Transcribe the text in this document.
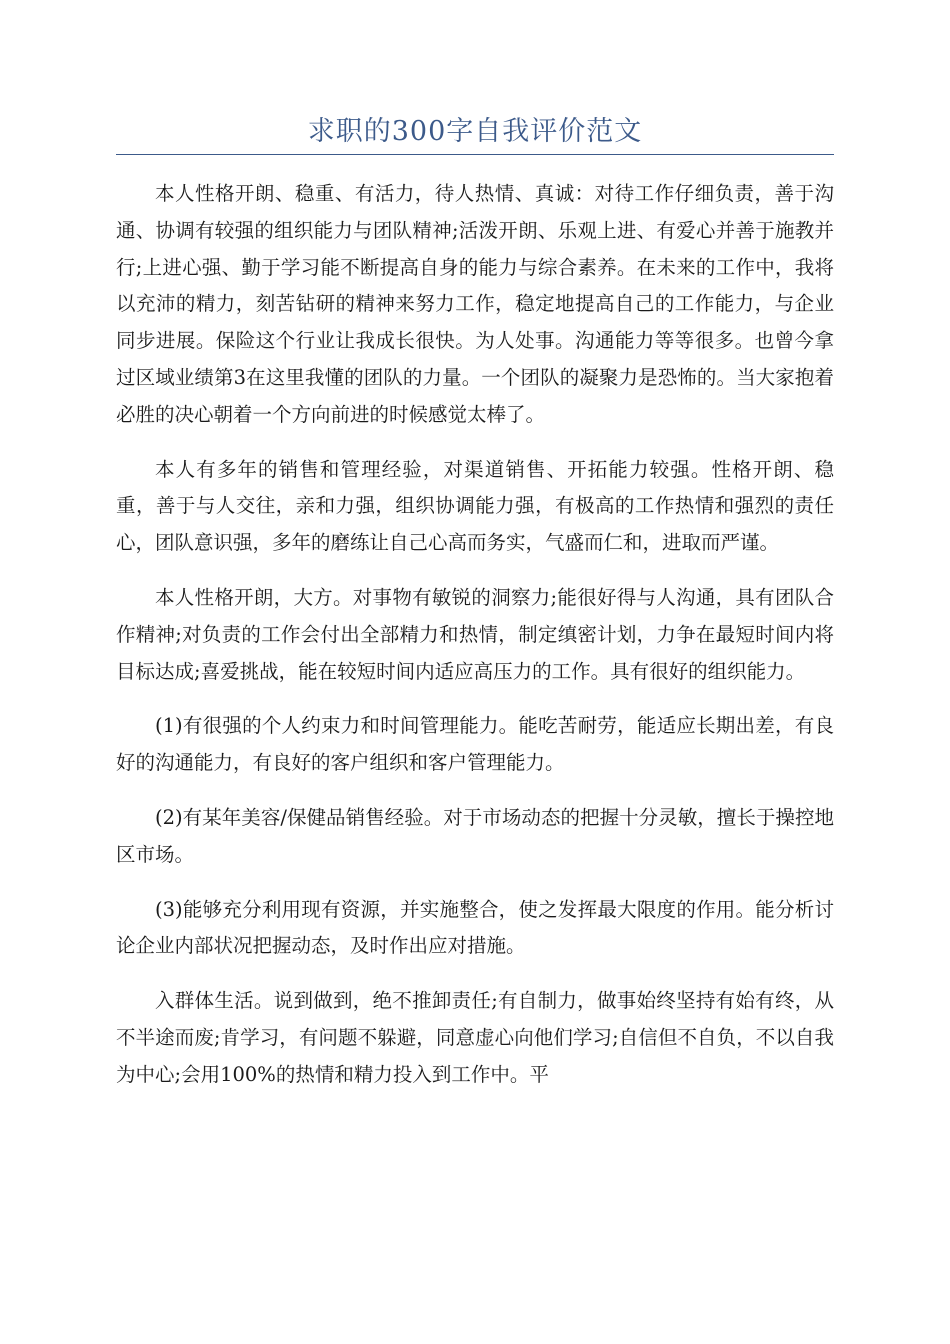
求职的300字自我评价范文

本人性格开朗、稳重、有活力，待人热情、真诚：对待工作仔细负责，善于沟通、协调有较强的组织能力与团队精神;活泼开朗、乐观上进、有爱心并善于施教并行;上进心强、勤于学习能不断提高自身的能力与综合素养。在未来的工作中，我将以充沛的精力，刻苦钻研的精神来努力工作，稳定地提高自己的工作能力，与企业同步进展。保险这个行业让我成长很快。为人处事。沟通能力等等很多。也曾今拿过区域业绩第3在这里我懂的团队的力量。一个团队的凝聚力是恐怖的。当大家抱着必胜的决心朝着一个方向前进的时候感觉太棒了。

本人有多年的销售和管理经验，对渠道销售、开拓能力较强。性格开朗、稳重，善于与人交往，亲和力强，组织协调能力强，有极高的工作热情和强烈的责任心，团队意识强，多年的磨练让自己心高而务实，气盛而仁和，进取而严谨。

本人性格开朗，大方。对事物有敏锐的洞察力;能很好得与人沟通，具有团队合作精神;对负责的工作会付出全部精力和热情，制定缜密计划，力争在最短时间内将目标达成;喜爱挑战，能在较短时间内适应高压力的工作。具有很好的组织能力。

(1)有很强的个人约束力和时间管理能力。能吃苦耐劳，能适应长期出差，有良好的沟通能力，有良好的客户组织和客户管理能力。

(2)有某年美容/保健品销售经验。对于市场动态的把握十分灵敏，擅长于操控地区市场。

(3)能够充分利用现有资源，并实施整合，使之发挥最大限度的作用。能分析讨论企业内部状况把握动态，及时作出应对措施。

入群体生活。说到做到，绝不推卸责任;有自制力，做事始终坚持有始有终，从不半途而废;肯学习，有问题不躲避，同意虚心向他们学习;自信但不自负，不以自我为中心;会用100%的热情和精力投入到工作中。平
